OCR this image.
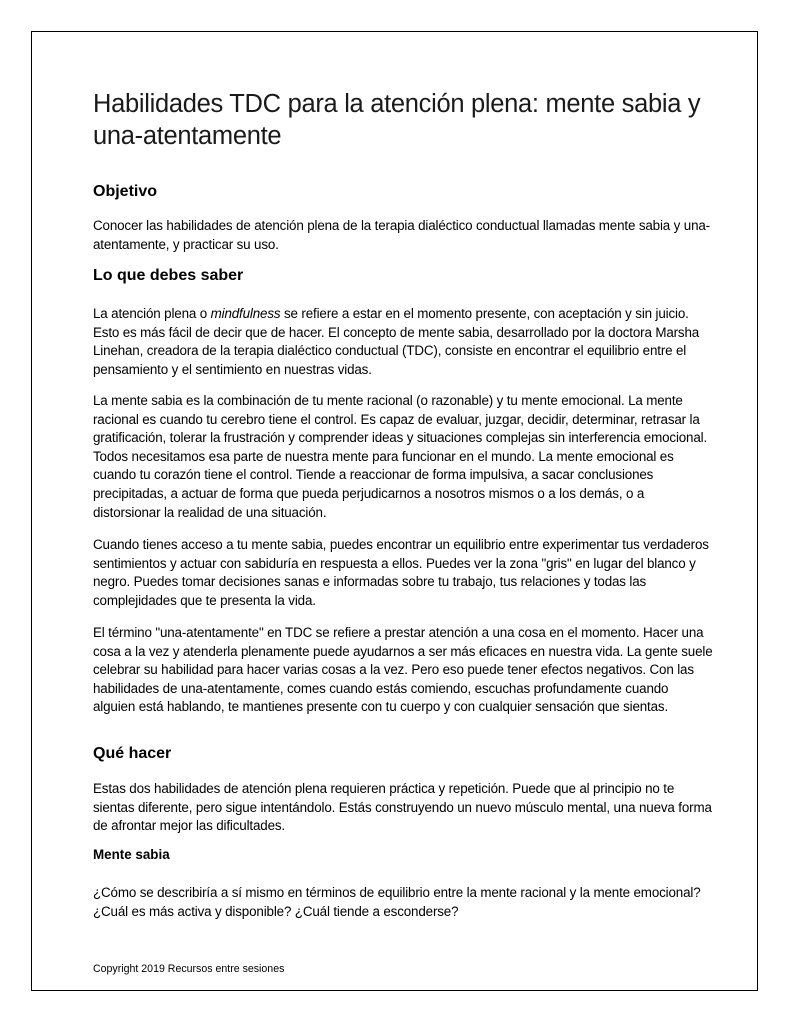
Habilidades TDC para la atención plena: mente sabia y una-atentamente
Objetivo

Conocer las habilidades de atención plena de la terapia dialéctico conductual llamadas mente sabia y una-atentamente, y practicar su uso.

Lo que debes saber

La atención plena o mindfulness se refiere a estar en el momento presente, con aceptación y sin juicio. Esto es más fácil de decir que de hacer. El concepto de mente sabia, desarrollado por la doctora Marsha Linehan, creadora de la terapia dialéctico conductual (TDC), consiste en encontrar el equilibrio entre el pensamiento y el sentimiento en nuestras vidas.

La mente sabia es la combinación de tu mente racional (o razonable) y tu mente emocional. La mente racional es cuando tu cerebro tiene el control. Es capaz de evaluar, juzgar, decidir, determinar, retrasar la gratificación, tolerar la frustración y comprender ideas y situaciones complejas sin interferencia emocional. Todos necesitamos esa parte de nuestra mente para funcionar en el mundo. La mente emocional es cuando tu corazón tiene el control. Tiende a reaccionar de forma impulsiva, a sacar conclusiones precipitadas, a actuar de forma que pueda perjudicarnos a nosotros mismos o a los demás, o a distorsionar la realidad de una situación.

Cuando tienes acceso a tu mente sabia, puedes encontrar un equilibrio entre experimentar tus verdaderos sentimientos y actuar con sabiduría en respuesta a ellos. Puedes ver la zona "gris" en lugar del blanco y negro. Puedes tomar decisiones sanas e informadas sobre tu trabajo, tus relaciones y todas las complejidades que te presenta la vida.

El término "una-atentamente" en TDC se refiere a prestar atención a una cosa en el momento. Hacer una cosa a la vez y atenderla plenamente puede ayudarnos a ser más eficaces en nuestra vida. La gente suele celebrar su habilidad para hacer varias cosas a la vez. Pero eso puede tener efectos negativos. Con las habilidades de una-atentamente, comes cuando estás comiendo, escuchas profundamente cuando alguien está hablando, te mantienes presente con tu cuerpo y con cualquier sensación que sientas.

Qué hacer

Estas dos habilidades de atención plena requieren práctica y repetición. Puede que al principio no te sientas diferente, pero sigue intentándolo. Estás construyendo un nuevo músculo mental, una nueva forma de afrontar mejor las dificultades.

Mente sabia

¿Cómo se describiría a sí mismo en términos de equilibrio entre la mente racional y la mente emocional? ¿Cuál es más activa y disponible? ¿Cuál tiende a esconderse?

Copyright 2019 Recursos entre sesiones
